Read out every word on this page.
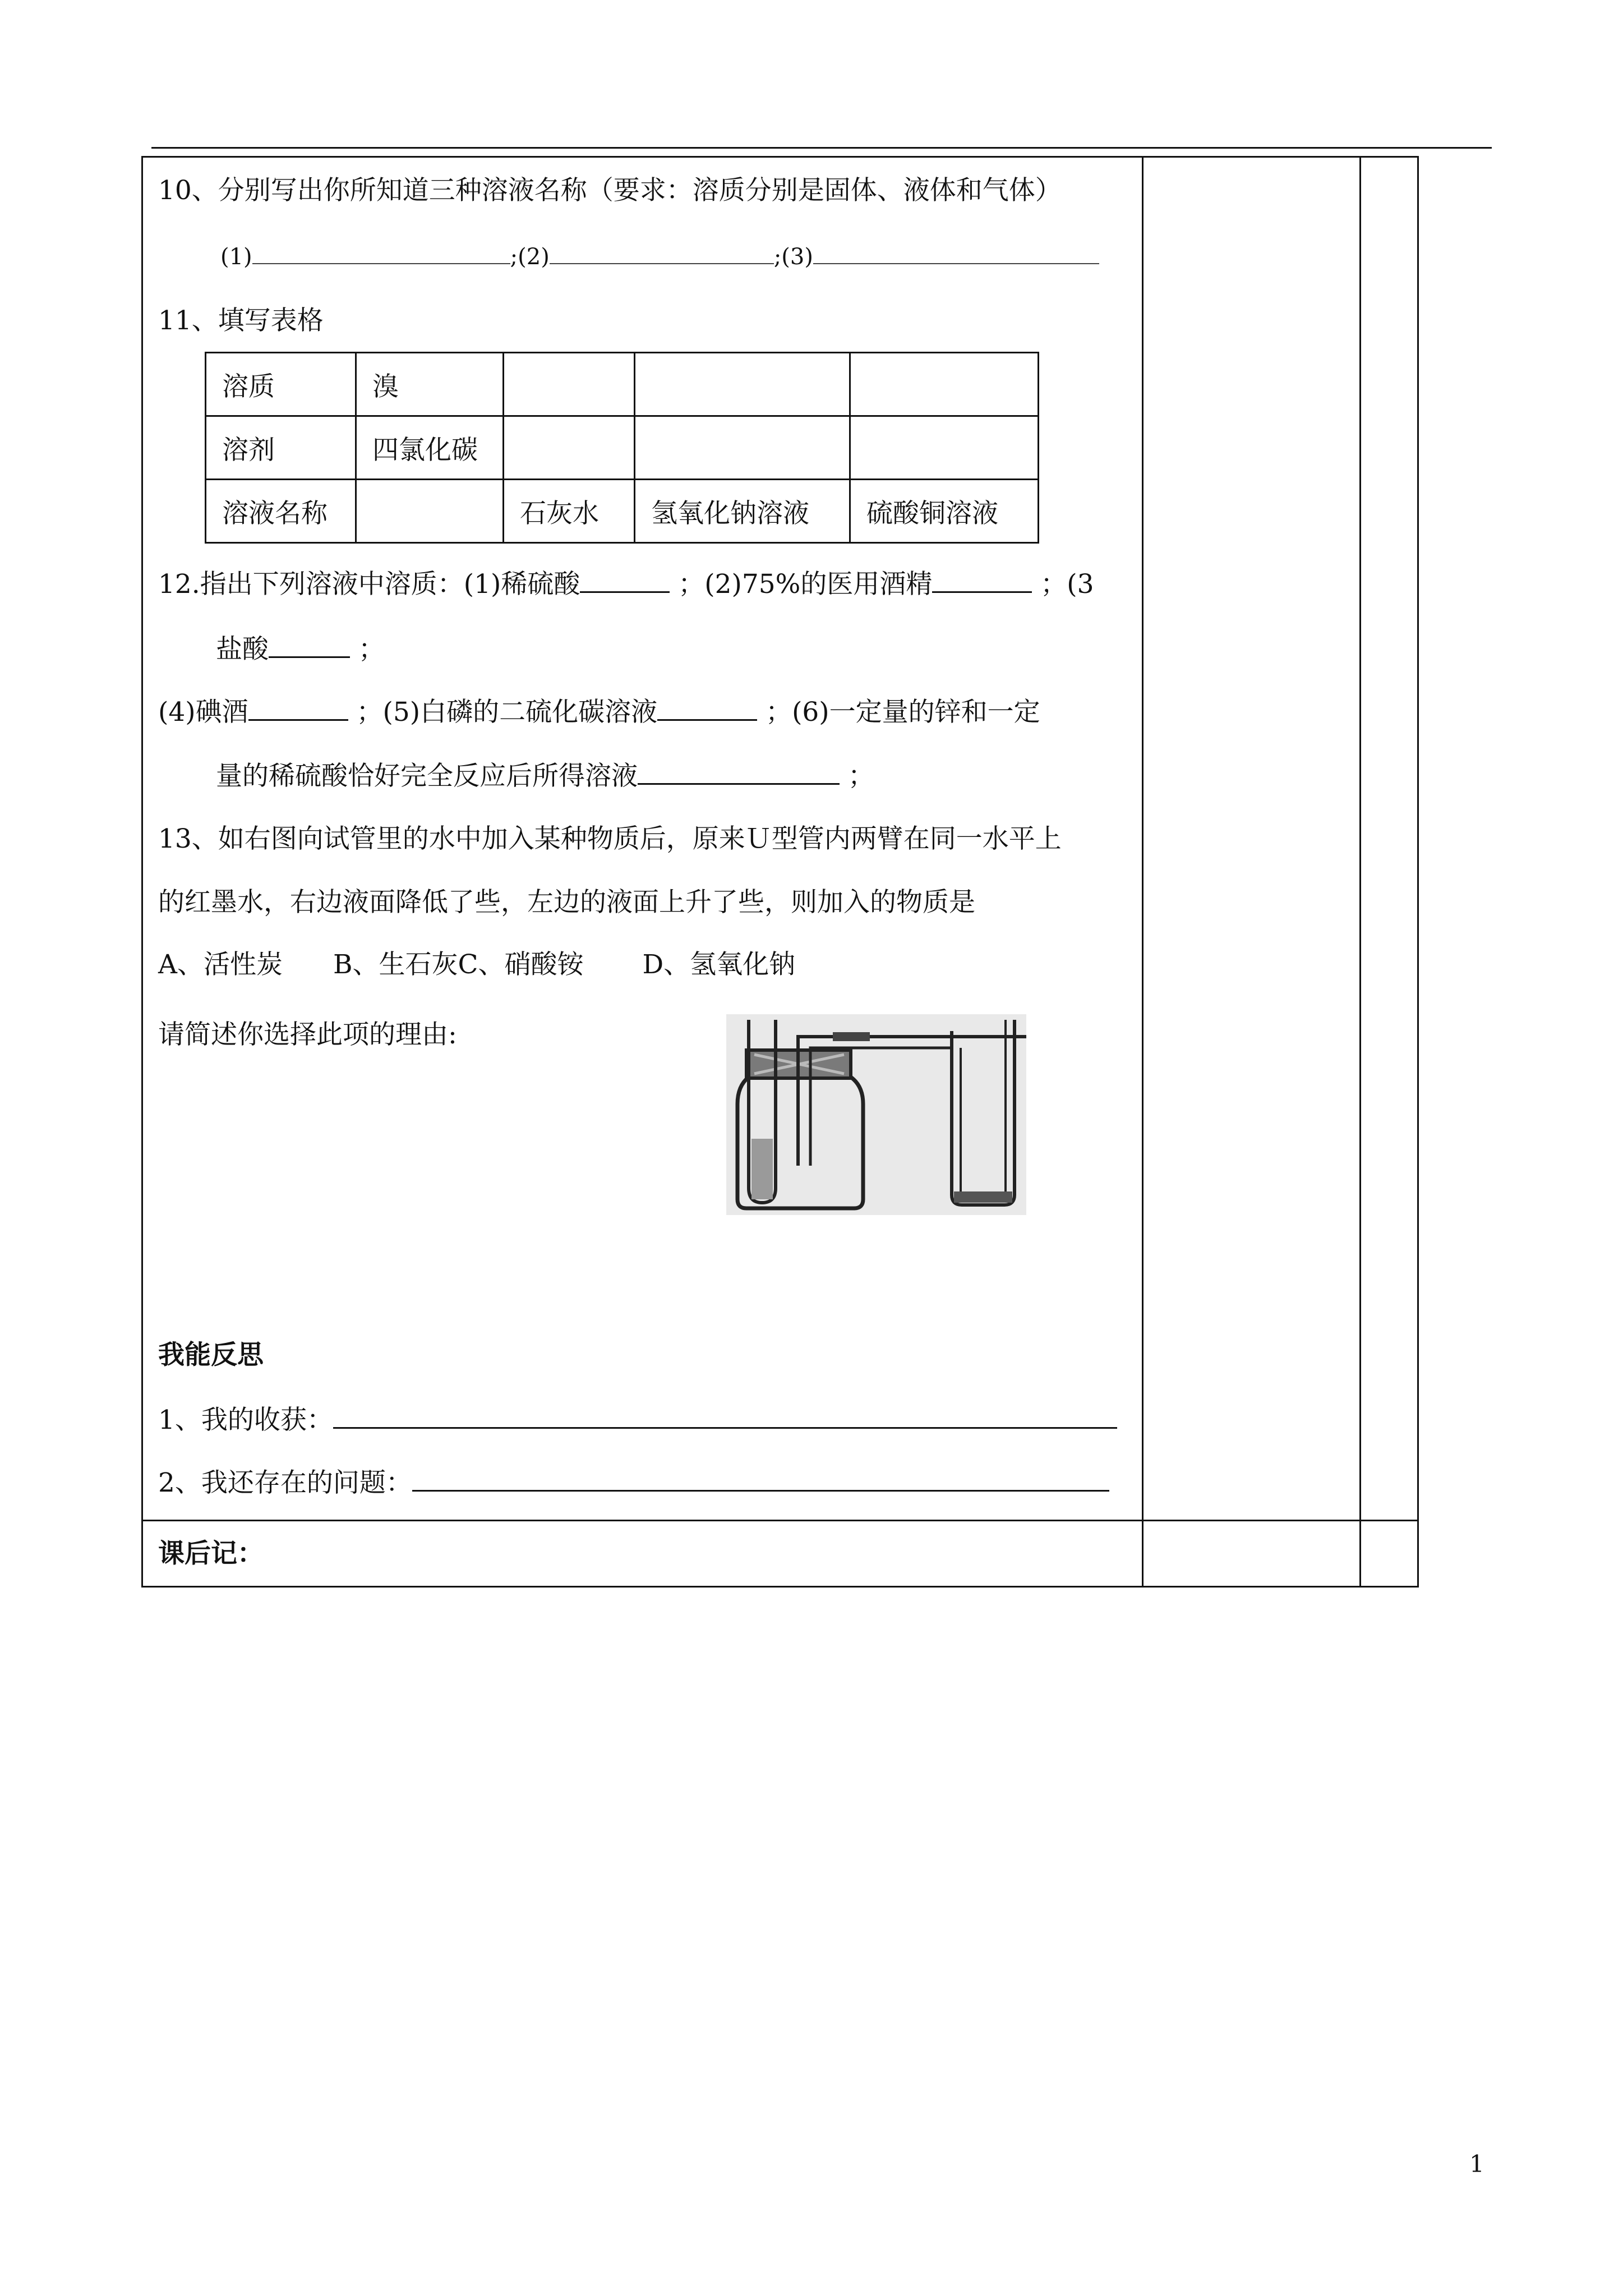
10、分别写出你所知道三种溶液名称（要求：溶质分别是固体、液体和气体）
(1)	;(2)	;(3)
11、填写表格
溶质	溴			
溶剂	四氯化碳			
溶液名称		石灰水	氢氧化钠溶液	硫酸铜溶液
12.指出下列溶液中溶质：(1)稀硫酸	；(2)75%的医用酒精	；(3
盐酸	；
(4)碘酒	；(5)白磷的二硫化碳溶液	；(6)一定量的锌和一定
量的稀硫酸恰好完全反应后所得溶液	；
13、如右图向试管里的水中加入某种物质后，原来Ｕ型管内两臂在同一水平上
的红墨水，右边液面降低了些，左边的液面上升了些，则加入的物质是
A、活性炭 B、生石灰C、硝酸铵 D、氢氧化钠
请简述你选择此项的理由:
我能反思
1、我的收获：
2、我还存在的问题：
课后记：
1
